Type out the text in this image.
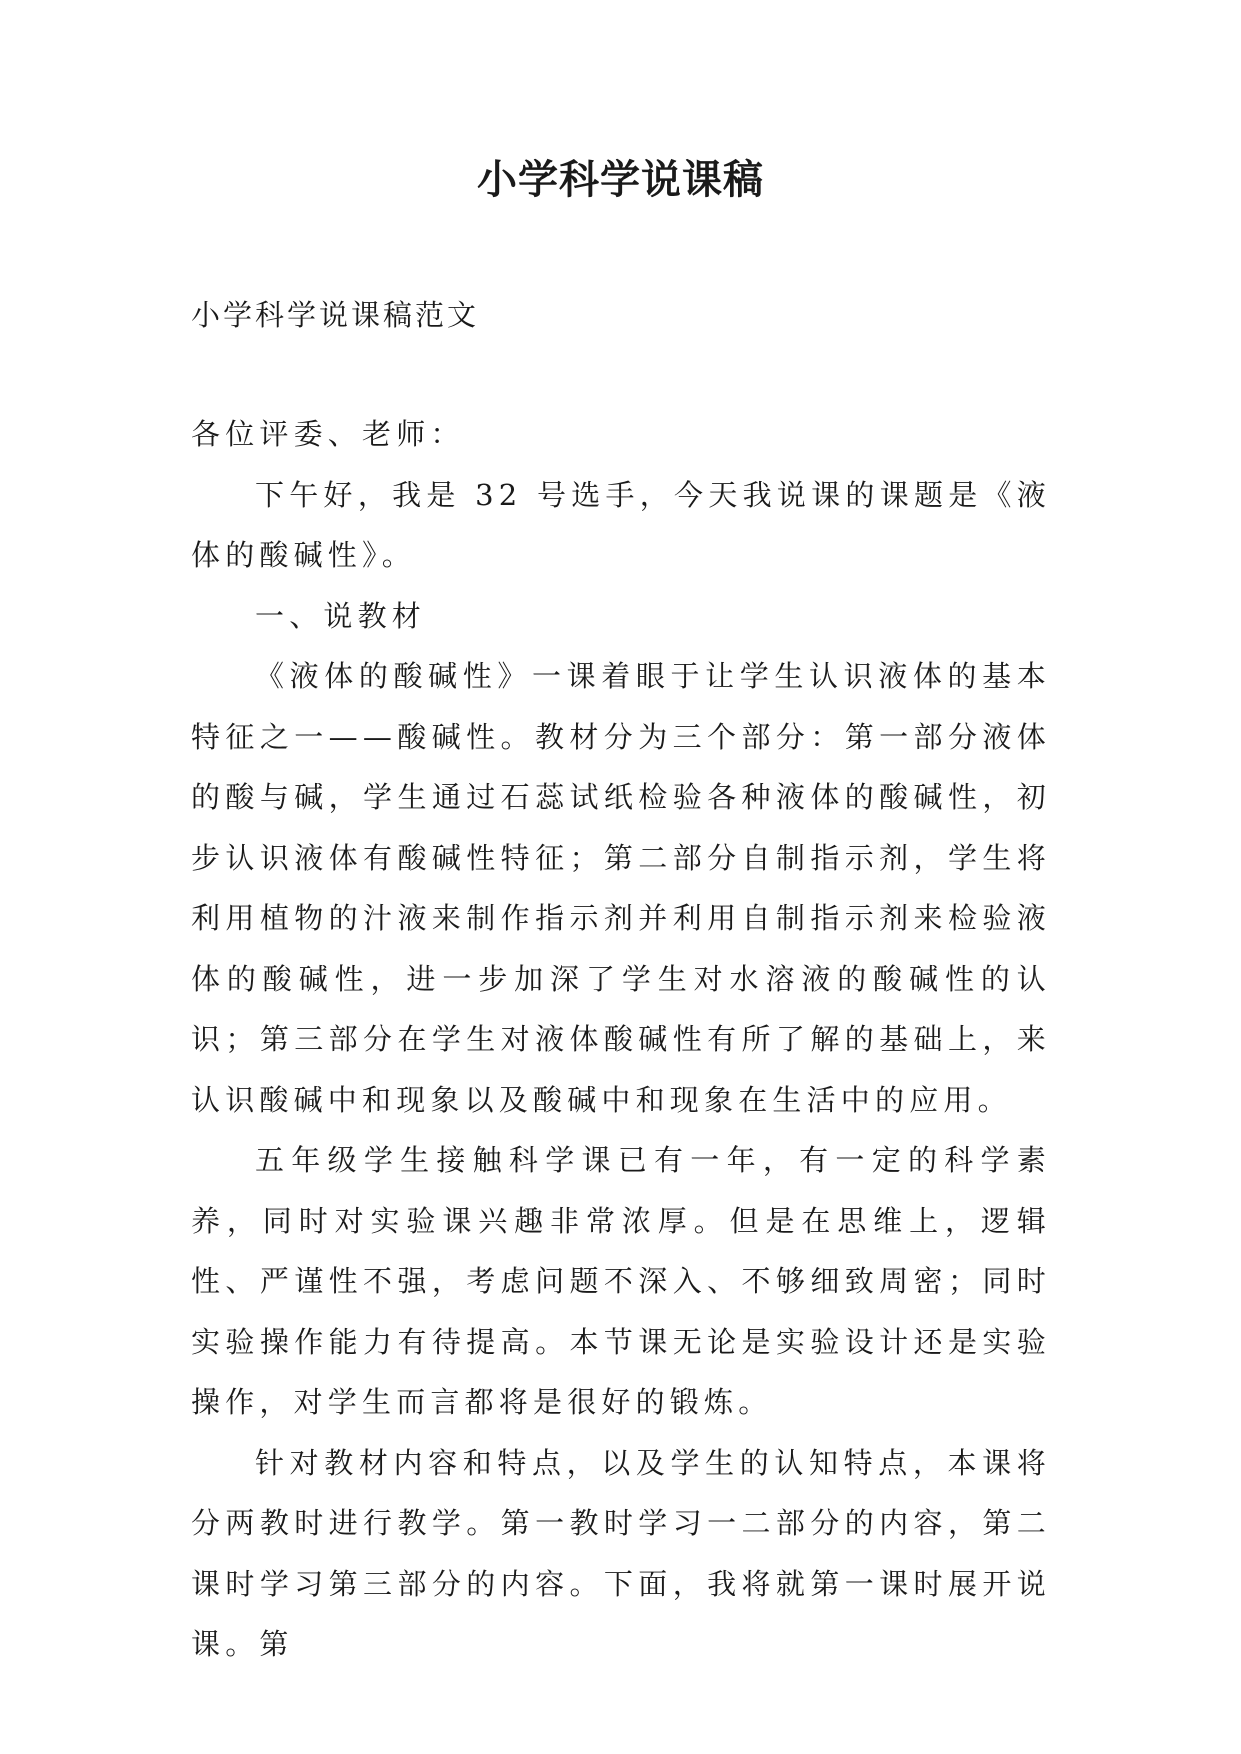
小学科学说课稿

小学科学说课稿范文

各位评委、老师：

下午好，我是 32 号选手，今天我说课的课题是《液体的酸碱性》。

一、说教材

《液体的酸碱性》一课着眼于让学生认识液体的基本特征之一——酸碱性。教材分为三个部分：第一部分液体的酸与碱，学生通过石蕊试纸检验各种液体的酸碱性，初步认识液体有酸碱性特征；第二部分自制指示剂，学生将利用植物的汁液来制作指示剂并利用自制指示剂来检验液体的酸碱性，进一步加深了学生对水溶液的酸碱性的认识；第三部分在学生对液体酸碱性有所了解的基础上，来认识酸碱中和现象以及酸碱中和现象在生活中的应用。

五年级学生接触科学课已有一年，有一定的科学素养，同时对实验课兴趣非常浓厚。但是在思维上，逻辑性、严谨性不强，考虑问题不深入、不够细致周密；同时实验操作能力有待提高。本节课无论是实验设计还是实验操作，对学生而言都将是很好的锻炼。

针对教材内容和特点，以及学生的认知特点，本课将分两教时进行教学。第一教时学习一二部分的内容，第二课时学习第三部分的内容。下面，我将就第一课时展开说课。第
